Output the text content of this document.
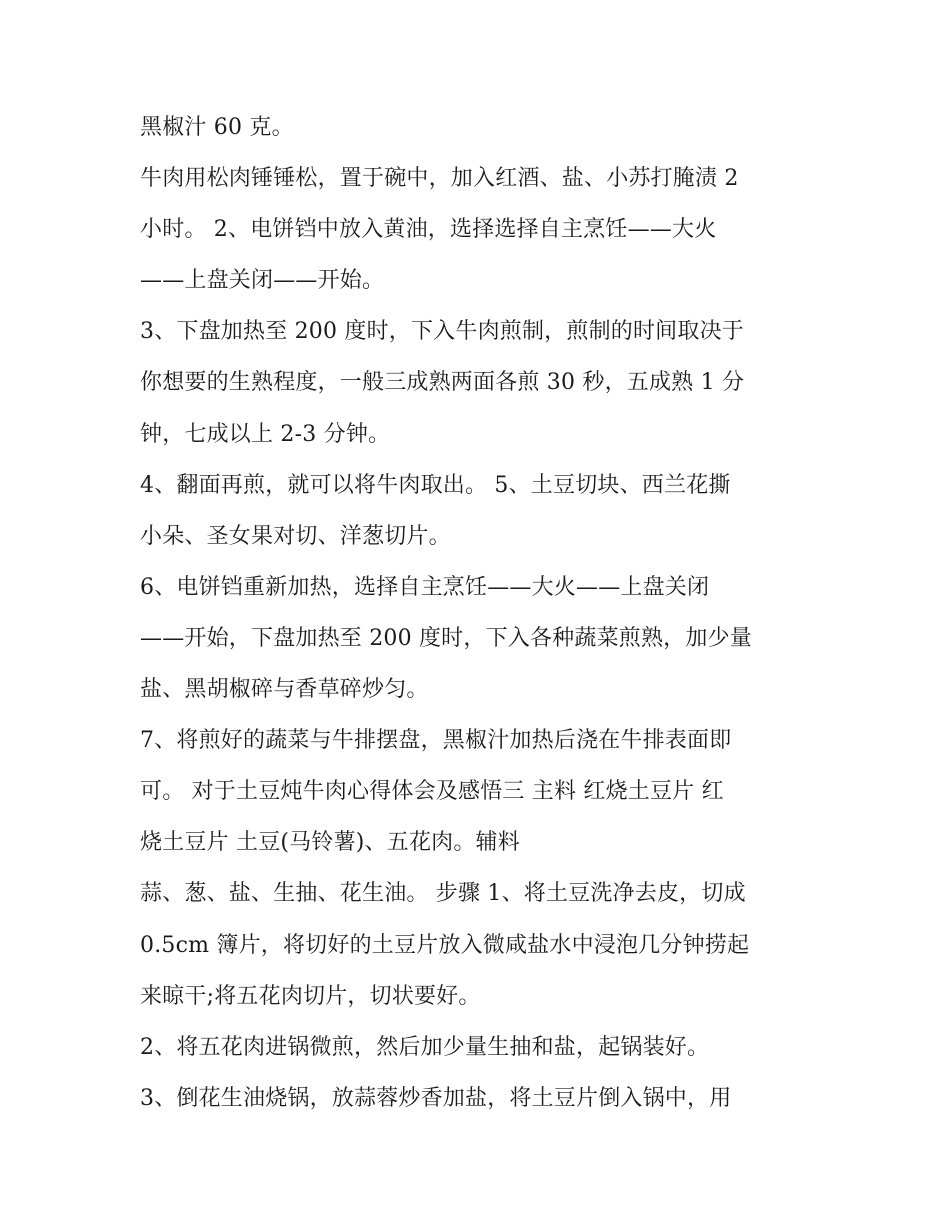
黑椒汁 60 克。
牛肉用松肉锤锤松，置于碗中，加入红酒、盐、小苏打腌渍 2
小时。 2、电饼铛中放入黄油，选择选择自主烹饪——大火
——上盘关闭——开始。
3、下盘加热至 200 度时，下入牛肉煎制，煎制的时间取决于
你想要的生熟程度，一般三成熟两面各煎 30 秒，五成熟 1 分
钟，七成以上 2-3 分钟。
4、翻面再煎，就可以将牛肉取出。 5、土豆切块、西兰花撕
小朵、圣女果对切、洋葱切片。
6、电饼铛重新加热，选择自主烹饪——大火——上盘关闭
——开始，下盘加热至 200 度时，下入各种蔬菜煎熟，加少量
盐、黑胡椒碎与香草碎炒匀。
7、将煎好的蔬菜与牛排摆盘，黑椒汁加热后浇在牛排表面即
可。 对于土豆炖牛肉心得体会及感悟三 主料 红烧土豆片 红
烧土豆片 土豆(马铃薯)、五花肉。辅料
蒜、葱、盐、生抽、花生油。 步骤 1、将土豆洗净去皮，切成
0.5cm 簿片，将切好的土豆片放入微咸盐水中浸泡几分钟捞起
来晾干;将五花肉切片，切状要好。
2、将五花肉进锅微煎，然后加少量生抽和盐，起锅装好。
3、倒花生油烧锅，放蒜蓉炒香加盐，将土豆片倒入锅中，用
